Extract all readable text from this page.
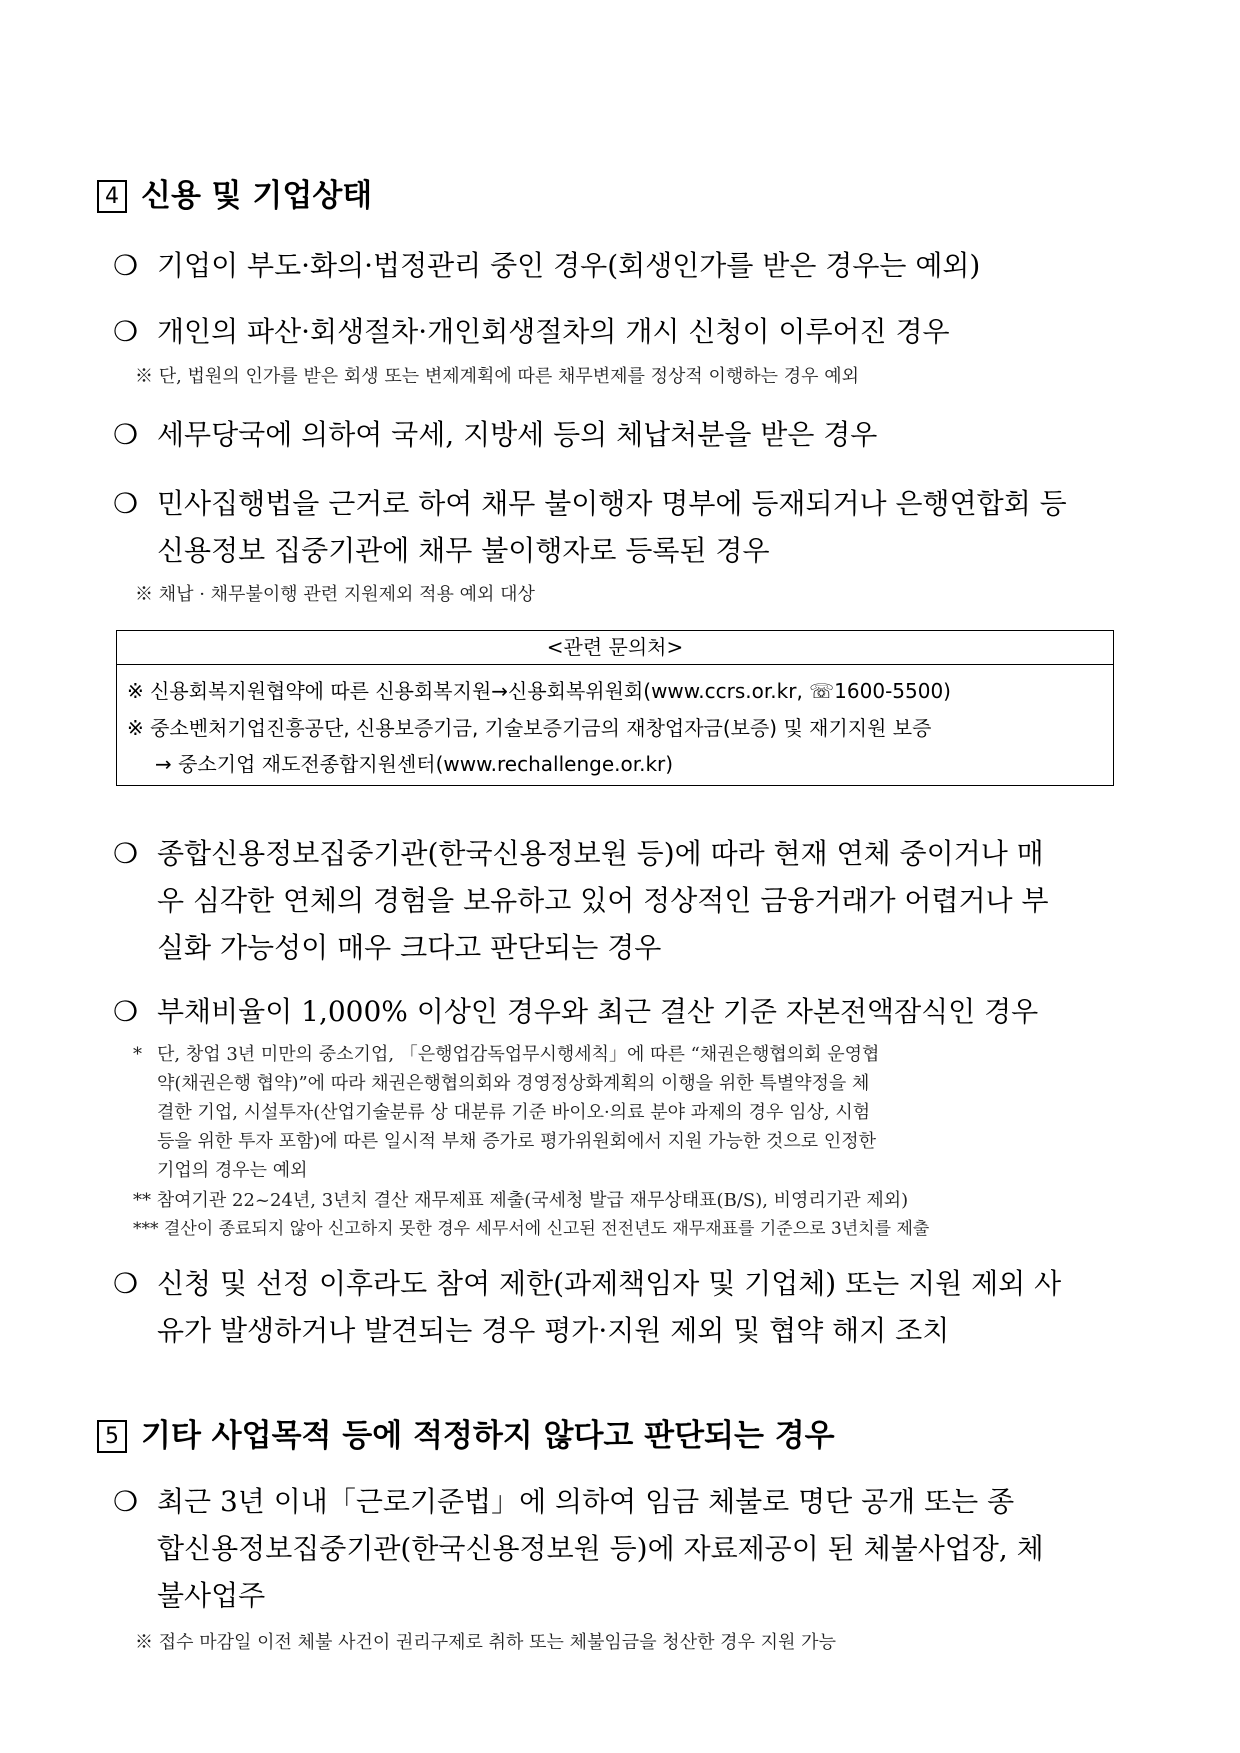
4 신용 및 기업상태
❍ 기업이 부도·화의·법정관리 중인 경우(회생인가를 받은 경우는 예외)
❍ 개인의 파산·회생절차·개인회생절차의 개시 신청이 이루어진 경우
※ 단, 법원의 인가를 받은 회생 또는 변제계획에 따른 채무변제를 정상적 이행하는 경우 예외
❍ 세무당국에 의하여 국세, 지방세 등의 체납처분을 받은 경우
❍ 민사집행법을 근거로 하여 채무 불이행자 명부에 등재되거나 은행연합회 등
신용정보 집중기관에 채무 불이행자로 등록된 경우
※ 채납 · 채무불이행 관련 지원제외 적용 예외 대상
<관련 문의처>
※ 신용회복지원협약에 따른 신용회복지원→신용회복위원회(www.ccrs.or.kr, ☏1600-5500)
※ 중소벤처기업진흥공단, 신용보증기금, 기술보증기금의 재창업자금(보증) 및 재기지원 보증
→ 중소기업 재도전종합지원센터(www.rechallenge.or.kr)
❍ 종합신용정보집중기관(한국신용정보원 등)에 따라 현재 연체 중이거나 매
우 심각한 연체의 경험을 보유하고 있어 정상적인 금융거래가 어렵거나 부
실화 가능성이 매우 크다고 판단되는 경우
❍ 부채비율이 1,000% 이상인 경우와 최근 결산 기준 자본전액잠식인 경우
* 단, 창업 3년 미만의 중소기업, 「은행업감독업무시행세칙」에 따른 “채권은행협의회 운영협
약(채권은행 협약)”에 따라 채권은행협의회와 경영정상화계획의 이행을 위한 특별약정을 체
결한 기업, 시설투자(산업기술분류 상 대분류 기준 바이오·의료 분야 과제의 경우 임상, 시험
등을 위한 투자 포함)에 따른 일시적 부채 증가로 평가위원회에서 지원 가능한 것으로 인정한
기업의 경우는 예외
** 참여기관 22~24년, 3년치 결산 재무제표 제출(국세청 발급 재무상태표(B/S), 비영리기관 제외)
*** 결산이 종료되지 않아 신고하지 못한 경우 세무서에 신고된 전전년도 재무재표를 기준으로 3년치를 제출
❍ 신청 및 선정 이후라도 참여 제한(과제책임자 및 기업체) 또는 지원 제외 사
유가 발생하거나 발견되는 경우 평가·지원 제외 및 협약 해지 조치
5 기타 사업목적 등에 적정하지 않다고 판단되는 경우
❍ 최근 3년 이내「근로기준법」에 의하여 임금 체불로 명단 공개 또는 종
합신용정보집중기관(한국신용정보원 등)에 자료제공이 된 체불사업장, 체
불사업주
※ 접수 마감일 이전 체불 사건이 권리구제로 취하 또는 체불임금을 청산한 경우 지원 가능
